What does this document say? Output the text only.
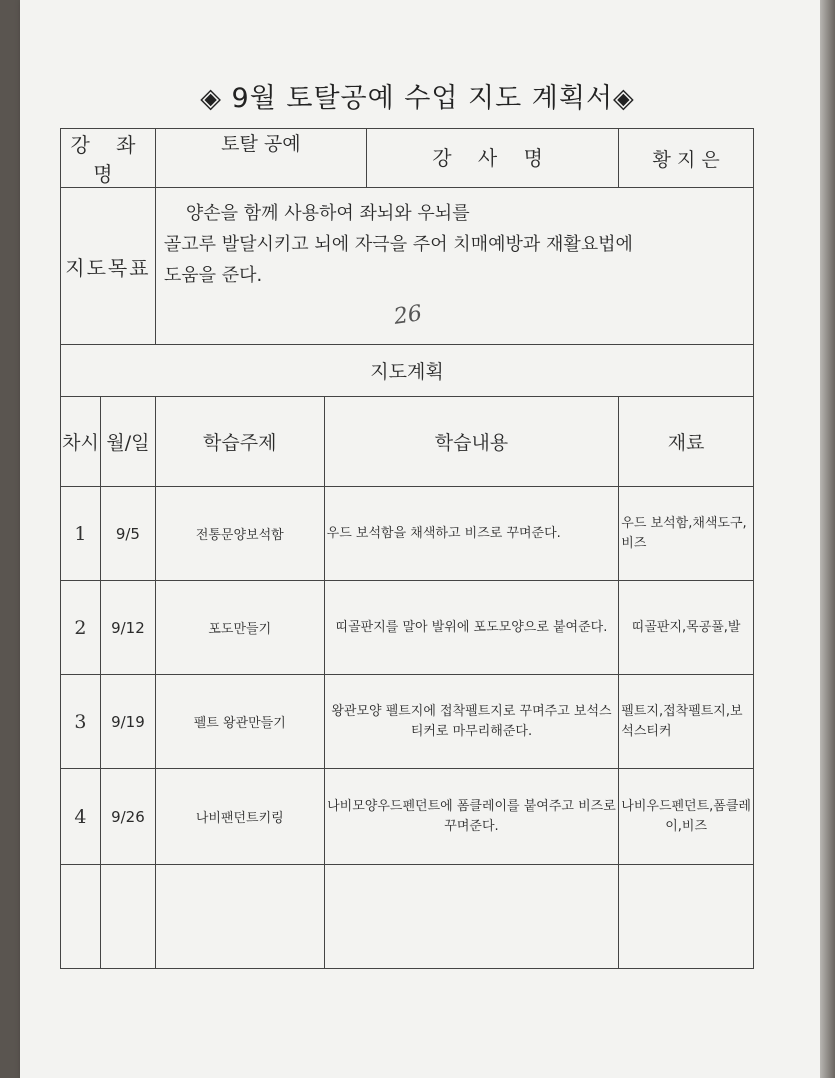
◈ 9월 토탈공예 수업 지도 계획서◈
강 좌 명		토탈 공예
강 사 명		황 지 은
지도목표		양손을 함께 사용하여 좌뇌와 우뇌를
골고루 발달시키고 뇌에 자극을 주어 치매예방과 재활요법에
도움을 준다.
26		

지도계획				
차시	월/일	학습주제	학습내용	재료
1	9/5	전통문양보석함	우드 보석함을 채색하고 비즈로 꾸며준다.	우드 보석함,채색도구,비즈
2	9/12	포도만들기	띠골판지를 말아 발위에 포도모양으로 붙여준다.	띠골판지,목공풀,발
3	9/19	펠트 왕관만들기	왕관모양 펠트지에 접착펠트지로 꾸며주고 보석스티커로 마무리해준다.	펠트지,접착펠트지,보석스티커
4	9/26	나비팬던트키링	나비모양우드펜던트에 폼클레이를 붙여주고 비즈로 꾸며준다.	나비우드펜던트,폼클레이,비즈
